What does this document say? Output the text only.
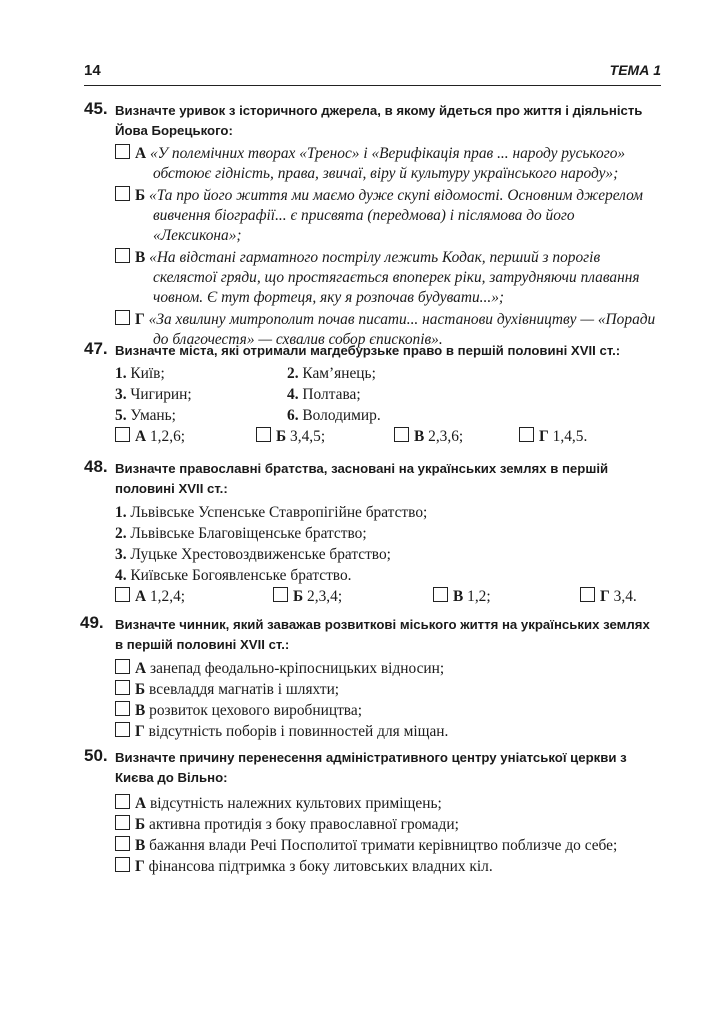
14	ТЕМА 1
45. Визначте уривок з історичного джерела, в якому йдеться про життя і діяльність Йова Борецького:
А «У полемічних творах «Тренос» і «Верифікація прав ... народу руського» обстоює гідність, права, звичаї, віру й культуру українського народу»;
Б «Та про його життя ми маємо дуже скупі відомості. Основним джерелом вивчення біографії... є присвята (передмова) і післямова до його «Лексикона»;
В «На відстані гарматного пострілу лежить Кодак, перший з порогів скелястої гряди, що простягається впоперек ріки, затрудняючи плавання човном. Є тут фортеця, яку я розпочав будувати...»;
Г «За хвилину митрополит почав писати... настанови духівництву — «Поради до благочестя» — схвалив собор єпископів».
47. Визначте міста, які отримали магдебурзьке право в першій половині XVII ст.:
1. Київ;	2. Кам’янець;
3. Чигирин;	4. Полтава;
5. Умань;	6. Володимир.
А 1,2,6;	Б 3,4,5;	В 2,3,6;	Г 1,4,5.
48. Визначте православні братства, засновані на українських землях в першій половині XVII ст.:
1. Львівське Успенське Ставропігійне братство;
2. Львівське Благовіщенське братство;
3. Луцьке Хрестовоздвиженське братство;
4. Київське Богоявленське братство.
А 1,2,4;	Б 2,3,4;	В 1,2;	Г 3,4.
49. Визначте чинник, який заважав розвиткові міського життя на українських землях в першій половині XVII ст.:
А занепад феодально-кріпосницьких відносин;
Б всевладдя магнатів і шляхти;
В розвиток цехового виробництва;
Г відсутність поборів і повинностей для міщан.
50. Визначте причину перенесення адміністративного центру уніатської церкви з Києва до Вільно:
А відсутність належних культових приміщень;
Б активна протидія з боку православної громади;
В бажання влади Речі Посполитої тримати керівництво поблизче до себе;
Г фінансова підтримка з боку литовських владних кіл.
